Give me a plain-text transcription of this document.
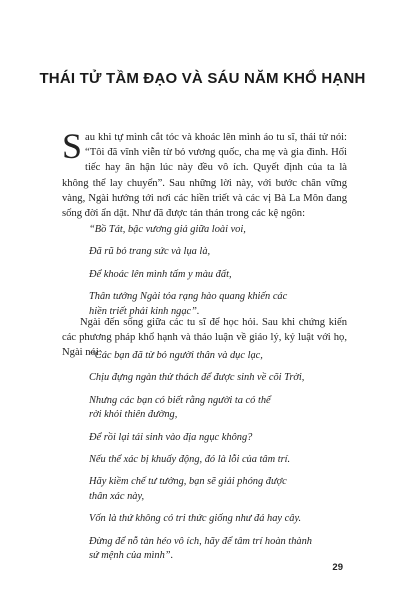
THÁI TỬ TẦM ĐẠO VÀ SÁU NĂM KHỔ HẠNH

Sau khi tự mình cắt tóc và khoác lên mình áo tu sĩ, thái tử nói: “Tôi đã vĩnh viễn từ bỏ vương quốc, cha mẹ và gia đình. Hối tiếc hay ân hận lúc này đều vô ích. Quyết định của ta là không thể lay chuyển”. Sau những lời này, với bước chân vững vàng, Ngài hướng tới nơi các hiền triết và các vị Bà La Môn đang sống đời ẩn dật. Như đã được tán thán trong các kệ ngôn:

“Bồ Tát, bậc vương giả giữa loài voi,
Đã rũ bỏ trang sức và lụa là,
Để khoác lên mình tấm y màu đất,
Thân tướng Ngài tỏa rạng hào quang khiến các
hiền triết phải kinh ngạc”.

Ngài đến sống giữa các tu sĩ để học hỏi. Sau khi chứng kiến các phương pháp khổ hạnh và thảo luận về giáo lý, kỷ luật với họ, Ngài nói:

“Các bạn đã từ bỏ người thân và dục lạc,
Chịu đựng ngàn thử thách để được sinh về cõi Trời,
Nhưng các bạn có biết rằng người ta có thể
rời khỏi thiên đường,
Để rồi lại tái sinh vào địa ngục không?
Nếu thể xác bị khuấy động, đó là lỗi của tâm trí.
Hãy kiềm chế tư tưởng, bạn sẽ giải phóng được
thân xác này,
Vốn là thứ không có tri thức giống như đá hay cây.
Đừng để nỗ tàn héo vô ích, hãy để tâm trí hoàn thành
sứ mệnh của mình”.
29
